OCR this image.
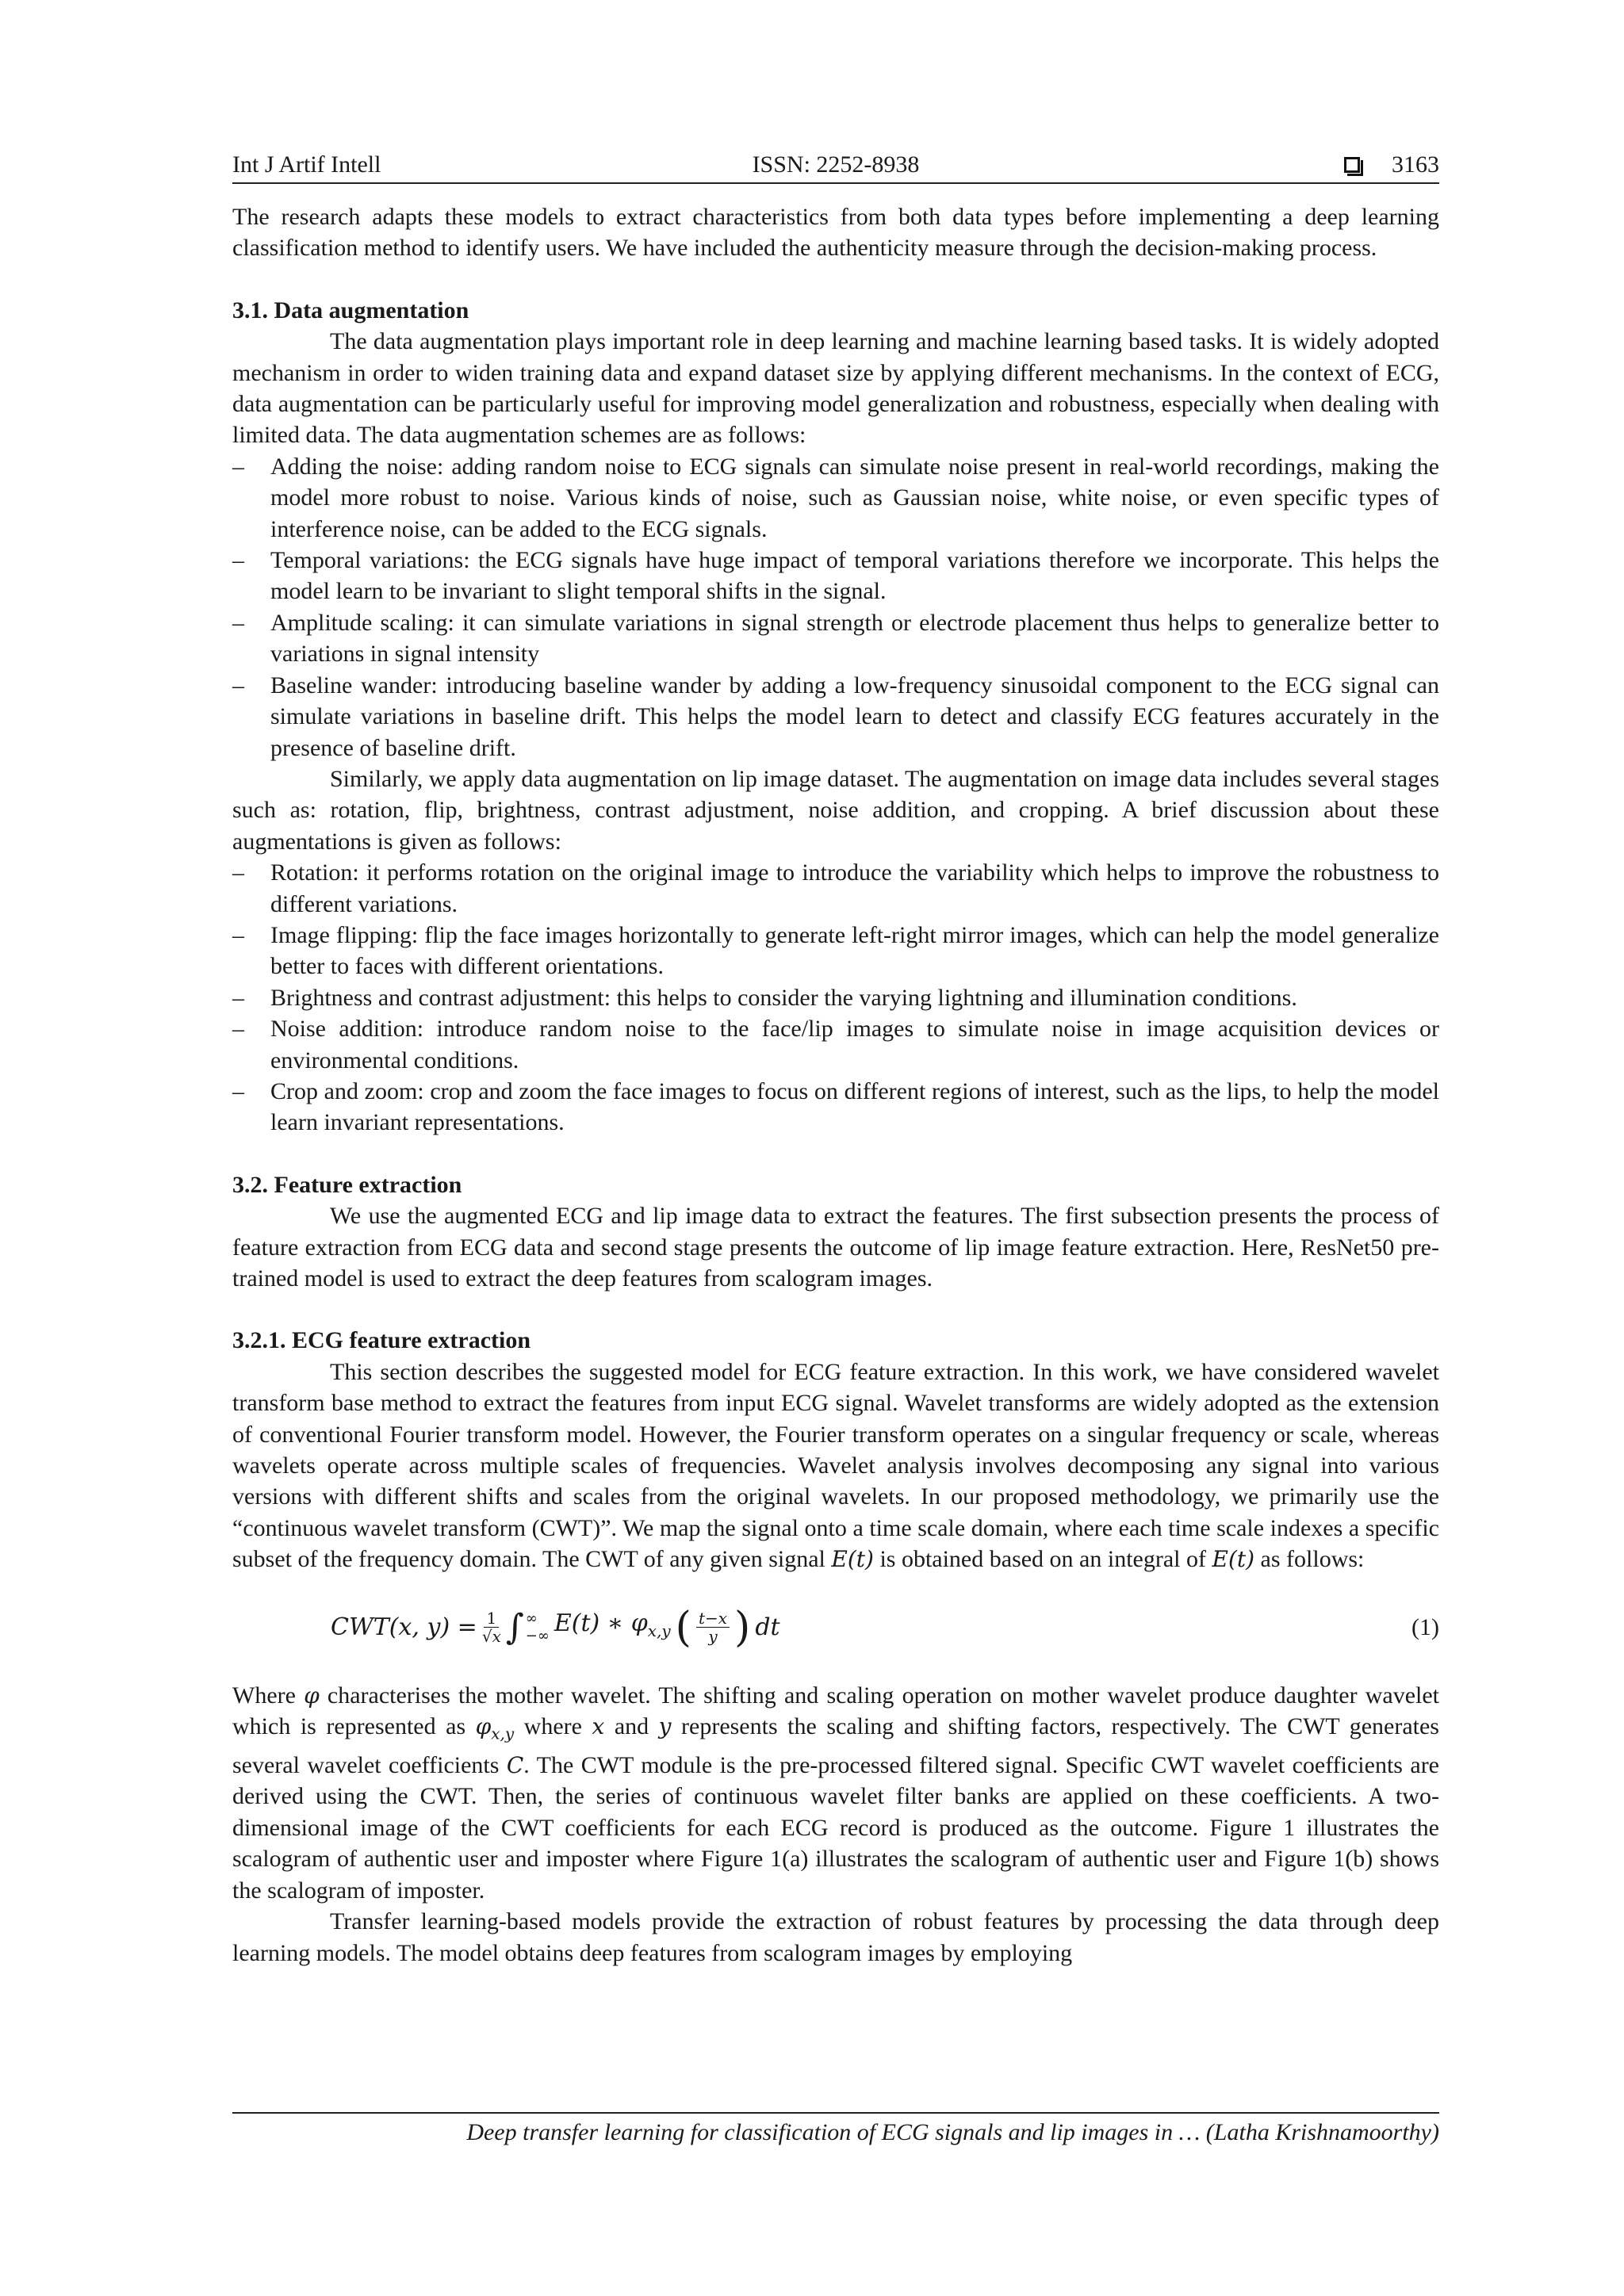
Int J Artif Intell	ISSN: 2252-8938	3163

The research adapts these models to extract characteristics from both data types before implementing a deep learning classification method to identify users. We have included the authenticity measure through the decision-making process.

3.1. Data augmentation

The data augmentation plays important role in deep learning and machine learning based tasks. It is widely adopted mechanism in order to widen training data and expand dataset size by applying different mechanisms. In the context of ECG, data augmentation can be particularly useful for improving model generalization and robustness, especially when dealing with limited data. The data augmentation schemes are as follows:

– Adding the noise: adding random noise to ECG signals can simulate noise present in real-world recordings, making the model more robust to noise. Various kinds of noise, such as Gaussian noise, white noise, or even specific types of interference noise, can be added to the ECG signals.
– Temporal variations: the ECG signals have huge impact of temporal variations therefore we incorporate. This helps the model learn to be invariant to slight temporal shifts in the signal.
– Amplitude scaling: it can simulate variations in signal strength or electrode placement thus helps to generalize better to variations in signal intensity
– Baseline wander: introducing baseline wander by adding a low-frequency sinusoidal component to the ECG signal can simulate variations in baseline drift. This helps the model learn to detect and classify ECG features accurately in the presence of baseline drift.

Similarly, we apply data augmentation on lip image dataset. The augmentation on image data includes several stages such as: rotation, flip, brightness, contrast adjustment, noise addition, and cropping. A brief discussion about these augmentations is given as follows:

– Rotation: it performs rotation on the original image to introduce the variability which helps to improve the robustness to different variations.
– Image flipping: flip the face images horizontally to generate left-right mirror images, which can help the model generalize better to faces with different orientations.
– Brightness and contrast adjustment: this helps to consider the varying lightning and illumination conditions.
– Noise addition: introduce random noise to the face/lip images to simulate noise in image acquisition devices or environmental conditions.
– Crop and zoom: crop and zoom the face images to focus on different regions of interest, such as the lips, to help the model learn invariant representations.
3.2. Feature extraction

We use the augmented ECG and lip image data to extract the features. The first subsection presents the process of feature extraction from ECG data and second stage presents the outcome of lip image feature extraction. Here, ResNet50 pre-trained model is used to extract the deep features from scalogram images.

3.2.1. ECG feature extraction

This section describes the suggested model for ECG feature extraction. In this work, we have considered wavelet transform base method to extract the features from input ECG signal. Wavelet transforms are widely adopted as the extension of conventional Fourier transform model. However, the Fourier transform operates on a singular frequency or scale, whereas wavelets operate across multiple scales of frequencies. Wavelet analysis involves decomposing any signal into various versions with different shifts and scales from the original wavelets. In our proposed methodology, we primarily use the “continuous wavelet transform (CWT)”. We map the signal onto a time scale domain, where each time scale indexes a specific subset of the frequency domain. The CWT of any given signal E(t) is obtained based on an integral of E(t) as follows:

CWT(x, $y) = \frac{1}{√x}$ ∫ ∞
−∞ E(t) ∗ $\varphi_{x,y}$ ( $\frac{t-x}{y}$ ) dt	(1)

Where φ characterises the mother wavelet. The shifting and scaling operation on mother wavelet produce daughter wavelet which is represented as $\varphi_{x,y}$ where x and y represents the scaling and shifting factors, respectively. The CWT generates several wavelet coefficients C. The CWT module is the pre-processed filtered signal. Specific CWT wavelet coefficients are derived using the CWT. Then, the series of continuous wavelet filter banks are applied on these coefficients. A two-dimensional image of the CWT coefficients for each ECG record is produced as the outcome. Figure 1 illustrates the scalogram of authentic user and imposter where Figure 1(a) illustrates the scalogram of authentic user and Figure 1(b) shows the scalogram of imposter.

Transfer learning-based models provide the extraction of robust features by processing the data through deep learning models. The model obtains deep features from scalogram images by employing

Deep transfer learning for classification of ECG signals and lip images in … (Latha Krishnamoorthy)
